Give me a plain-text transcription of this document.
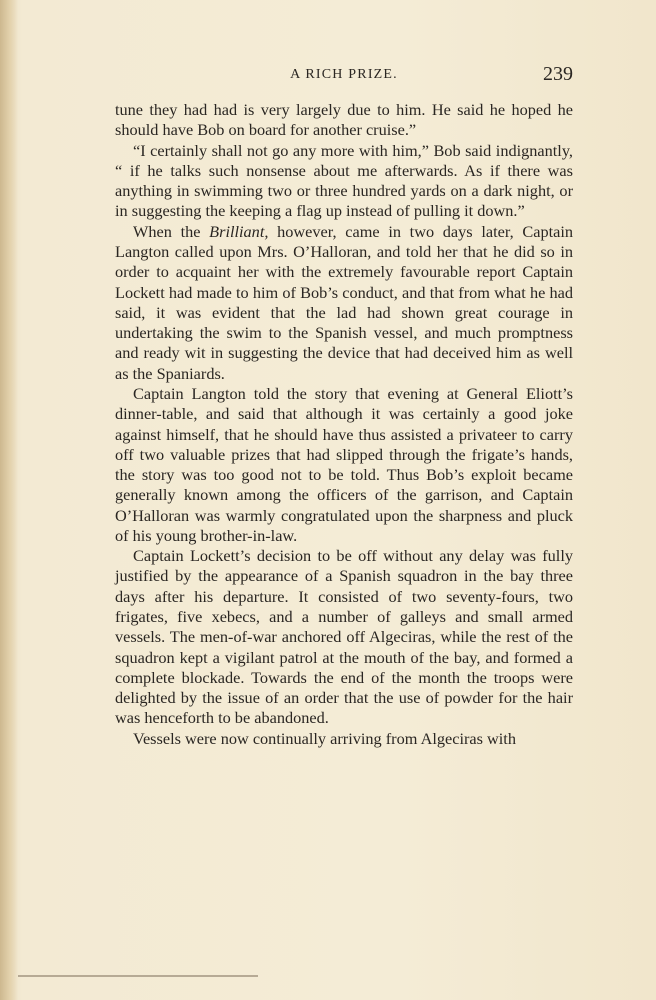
A RICH PRIZE.	239

tune they had had is very largely due to him. He said he hoped he should have Bob on board for another cruise.”

“I certainly shall not go any more with him,” Bob said indignantly, “ if he talks such nonsense about me afterwards. As if there was anything in swimming two or three hundred yards on a dark night, or in suggesting the keeping a flag up instead of pulling it down.”

When the Brilliant, however, came in two days later, Captain Langton called upon Mrs. O’Halloran, and told her that he did so in order to acquaint her with the extremely favourable report Captain Lockett had made to him of Bob’s conduct, and that from what he had said, it was evident that the lad had shown great courage in undertaking the swim to the Spanish vessel, and much promptness and ready wit in suggesting the device that had deceived him as well as the Spaniards.

Captain Langton told the story that evening at General Eliott’s dinner-table, and said that although it was certainly a good joke against himself, that he should have thus assisted a privateer to carry off two valuable prizes that had slipped through the frigate’s hands, the story was too good not to be told. Thus Bob’s exploit became generally known among the officers of the garrison, and Captain O’Halloran was warmly congratulated upon the sharpness and pluck of his young brother-in-law.

Captain Lockett’s decision to be off without any delay was fully justified by the appearance of a Spanish squadron in the bay three days after his departure. It consisted of two seventy-fours, two frigates, five xebecs, and a number of galleys and small armed vessels. The men-of-war anchored off Algeciras, while the rest of the squadron kept a vigilant patrol at the mouth of the bay, and formed a complete blockade. Towards the end of the month the troops were delighted by the issue of an order that the use of powder for the hair was henceforth to be abandoned.

Vessels were now continually arriving from Algeciras with
